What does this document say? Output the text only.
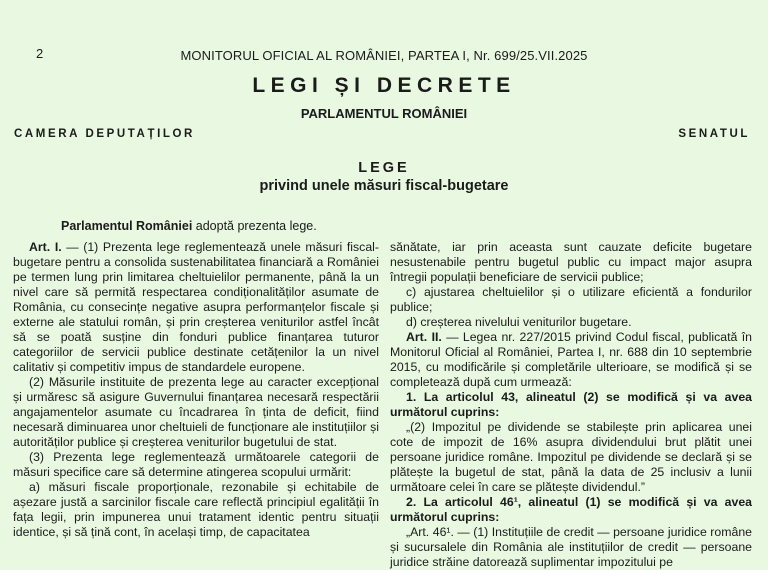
2	MONITORUL OFICIAL AL ROMÂNIEI, PARTEA I, Nr. 699/25.VII.2025
LEGI ȘI DECRETE
PARLAMENTUL ROMÂNIEI
CAMERA DEPUTAȚILOR	SENATUL
LEGE
privind unele măsuri fiscal-bugetare
Parlamentul României adoptă prezenta lege.

Art. I. — (1) Prezenta lege reglementează unele măsuri fiscal-bugetare pentru a consolida sustenabilitatea financiară a României pe termen lung prin limitarea cheltuielilor permanente, până la un nivel care să permită respectarea condiționalităților asumate de România, cu consecințe negative asupra performanțelor fiscale și externe ale statului român, și prin creșterea veniturilor astfel încât să se poată susține din fonduri publice finanțarea tuturor categoriilor de servicii publice destinate cetățenilor la un nivel calitativ și competitiv impus de standardele europene.

(2) Măsurile instituite de prezenta lege au caracter excepțional și urmăresc să asigure Guvernului finanțarea necesară respectării angajamentelor asumate cu încadrarea în ținta de deficit, fiind necesară diminuarea unor cheltuieli de funcționare ale instituțiilor și autorităților publice și creșterea veniturilor bugetului de stat.

(3) Prezenta lege reglementează următoarele categorii de măsuri specifice care să determine atingerea scopului urmărit:

a) măsuri fiscale proporționale, rezonabile și echitabile de așezare justă a sarcinilor fiscale care reflectă principiul egalității în fața legii, prin impunerea unui tratament identic pentru situații identice, și să țină cont, în același timp, de capacitatea

sănătate, iar prin aceasta sunt cauzate deficite bugetare nesustenabile pentru bugetul public cu impact major asupra întregii populații beneficiare de servicii publice;

c) ajustarea cheltuielilor și o utilizare eficientă a fondurilor publice;

d) creșterea nivelului veniturilor bugetare.

Art. II. — Legea nr. 227/2015 privind Codul fiscal, publicată în Monitorul Oficial al României, Partea I, nr. 688 din 10 septembrie 2015, cu modificările și completările ulterioare, se modifică și se completează după cum urmează:

1. La articolul 43, alineatul (2) se modifică și va avea următorul cuprins:

„(2) Impozitul pe dividende se stabilește prin aplicarea unei cote de impozit de 16% asupra dividendului brut plătit unei persoane juridice române. Impozitul pe dividende se declară și se plătește la bugetul de stat, până la data de 25 inclusiv a lunii următoare celei în care se plătește dividendul.”

2. La articolul 46¹, alineatul (1) se modifică și va avea următorul cuprins:

„Art. 46¹. — (1) Instituțiile de credit — persoane juridice române și sucursalele din România ale instituțiilor de credit — persoane juridice străine datorează suplimentar impozitului pe
